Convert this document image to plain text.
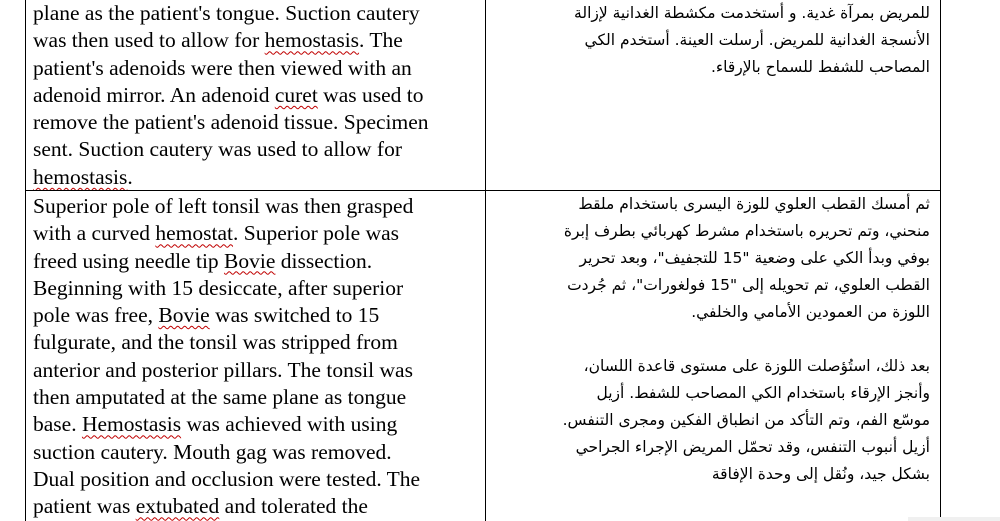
plane as the patient's tongue. Suction cautery
was then used to allow for hemostasis. The
patient's adenoids were then viewed with an
adenoid mirror. An adenoid curet was used to
remove the patient's adenoid tissue. Specimen
sent. Suction cautery was used to allow for
hemostasis.
للمريض بمرآة غدية. و أستخدمت مكشطة الغدانية لإزالة
الأنسجة الغدانية للمريض. أرسلت العينة. أستخدم الكي
المصاحب للشفط للسماح بالإرقاء.
Superior pole of left tonsil was then grasped
with a curved hemostat. Superior pole was
freed using needle tip Bovie dissection.
Beginning with 15 desiccate, after superior
pole was free, Bovie was switched to 15
fulgurate, and the tonsil was stripped from
anterior and posterior pillars. The tonsil was
then amputated at the same plane as tongue
base. Hemostasis was achieved with using
suction cautery. Mouth gag was removed.
Dual position and occlusion were tested. The
patient was extubated and tolerated the
ثم أمسك القطب العلوي للوزة اليسرى باستخدام ملقط
منحني، وتم تحريره باستخدام مشرط كهربائي بطرف إبرة
بوفي وبدأ الكي على وضعية "15 للتجفيف"، وبعد تحرير
القطب العلوي، تم تحويله إلى "15 فولغورات"، ثم جُردت
اللوزة من العمودين الأمامي والخلفي.

بعد ذلك، استُؤصلت اللوزة على مستوى قاعدة اللسان،
وأنجز الإرقاء باستخدام الكي المصاحب للشفط. أزيل
موسّع الفم، وتم التأكد من انطباق الفكين ومجرى التنفس.
أزيل أنبوب التنفس، وقد تحمّل المريض الإجراء الجراحي
بشكل جيد، ونُقل إلى وحدة الإفاقة
